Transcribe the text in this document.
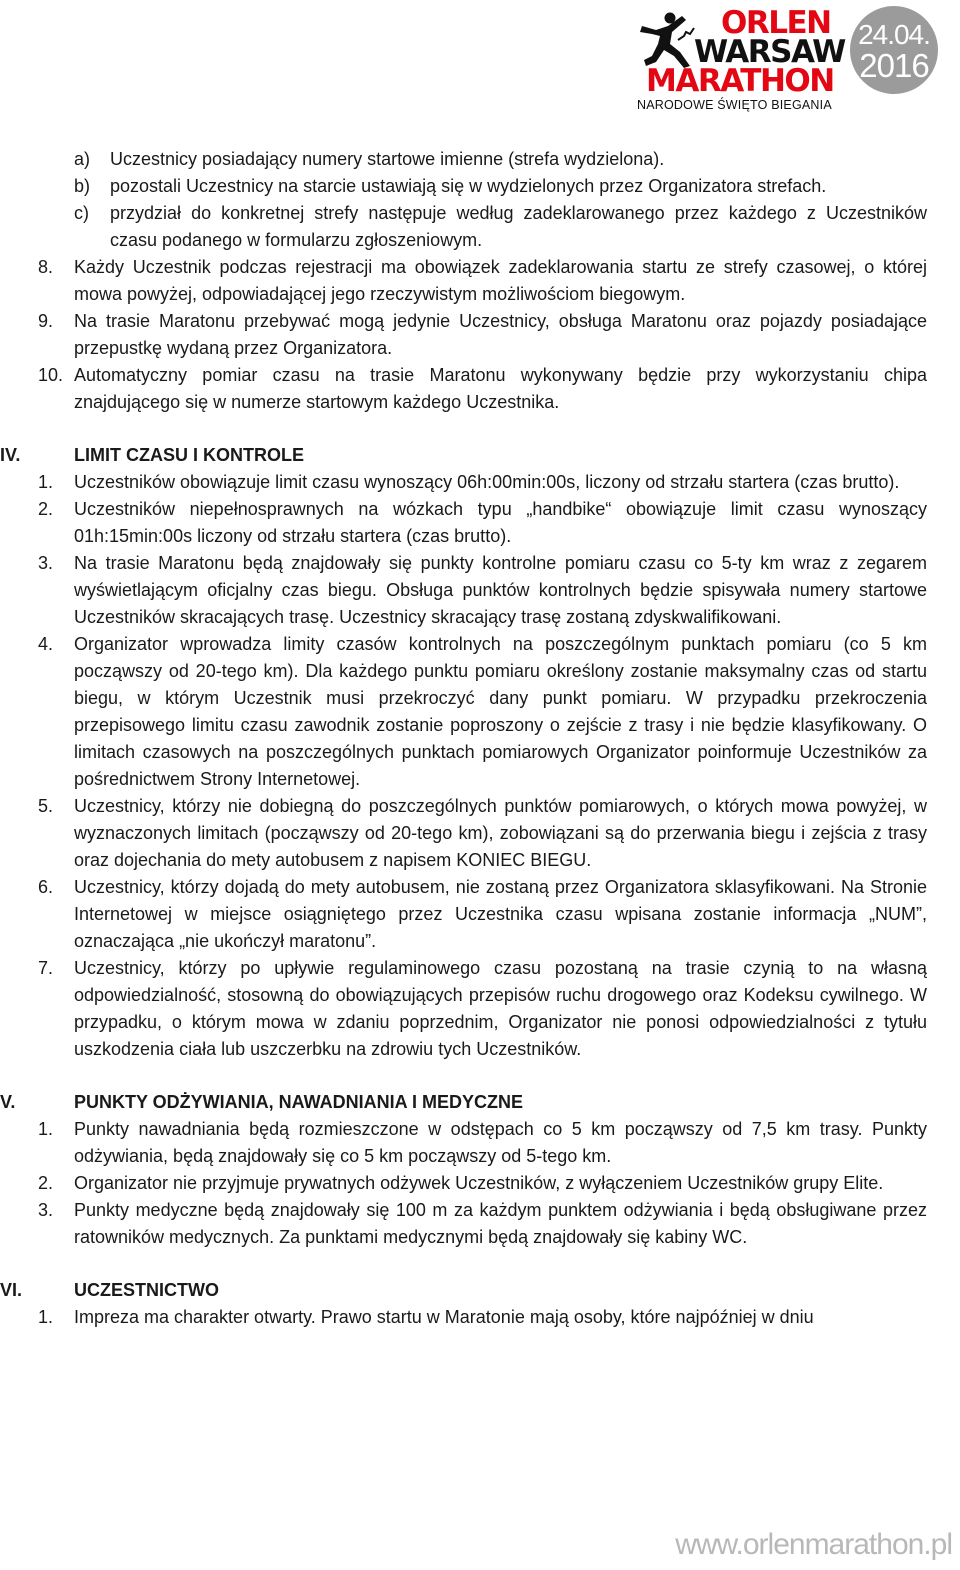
ORLEN
WARSAW
MARATHON
NARODOWE ŚWIĘTO BIEGANIA
24.04.
2016
a) Uczestnicy posiadający numery startowe imienne (strefa wydzielona).
b) pozostali Uczestnicy na starcie ustawiają się w wydzielonych przez Organizatora strefach.
c) przydział do konkretnej strefy następuje według zadeklarowanego przez każdego z Uczestników czasu podanego w formularzu zgłoszeniowym.
8. Każdy Uczestnik podczas rejestracji ma obowiązek zadeklarowania startu ze strefy czasowej, o której mowa powyżej, odpowiadającej jego rzeczywistym możliwościom biegowym.
9. Na trasie Maratonu przebywać mogą jedynie Uczestnicy, obsługa Maratonu oraz pojazdy posiadające przepustkę wydaną przez Organizatora.
10. Automatyczny pomiar czasu na trasie Maratonu wykonywany będzie przy wykorzystaniu chipa znajdującego się w numerze startowym każdego Uczestnika.
IV.	LIMIT CZASU I KONTROLE
1. Uczestników obowiązuje limit czasu wynoszący 06h:00min:00s, liczony od strzału startera (czas brutto).
2. Uczestników niepełnosprawnych na wózkach typu „handbike“ obowiązuje limit czasu wynoszący 01h:15min:00s liczony od strzału startera (czas brutto).
3. Na trasie Maratonu będą znajdowały się punkty kontrolne pomiaru czasu co 5-ty km wraz z zegarem wyświetlającym oficjalny czas biegu. Obsługa punktów kontrolnych będzie spisywała numery startowe Uczestników skracających trasę. Uczestnicy skracający trasę zostaną zdyskwalifikowani.
4. Organizator wprowadza limity czasów kontrolnych na poszczególnym punktach pomiaru (co 5 km począwszy od 20-tego km). Dla każdego punktu pomiaru określony zostanie maksymalny czas od startu biegu, w którym Uczestnik musi przekroczyć dany punkt pomiaru. W przypadku przekroczenia przepisowego limitu czasu zawodnik zostanie poproszony o zejście z trasy i nie będzie klasyfikowany. O limitach czasowych na poszczególnych punktach pomiarowych Organizator poinformuje Uczestników za pośrednictwem Strony Internetowej.
5. Uczestnicy, którzy nie dobiegną do poszczególnych punktów pomiarowych, o których mowa powyżej, w wyznaczonych limitach (począwszy od 20-tego km), zobowiązani są do przerwania biegu i zejścia z trasy oraz dojechania do mety autobusem z napisem KONIEC BIEGU.
6. Uczestnicy, którzy dojadą do mety autobusem, nie zostaną przez Organizatora sklasyfikowani. Na Stronie Internetowej w miejsce osiągniętego przez Uczestnika czasu wpisana zostanie informacja „NUM”, oznaczająca „nie ukończył maratonu”.
7. Uczestnicy, którzy po upływie regulaminowego czasu pozostaną na trasie czynią to na własną odpowiedzialność, stosowną do obowiązujących przepisów ruchu drogowego oraz Kodeksu cywilnego. W przypadku, o którym mowa w zdaniu poprzednim, Organizator nie ponosi odpowiedzialności z tytułu uszkodzenia ciała lub uszczerbku na zdrowiu tych Uczestników.
V.	PUNKTY ODŻYWIANIA, NAWADNIANIA I MEDYCZNE
1. Punkty nawadniania będą rozmieszczone w odstępach co 5 km począwszy od 7,5 km trasy. Punkty odżywiania, będą znajdowały się co 5 km począwszy od 5-tego km.
2. Organizator nie przyjmuje prywatnych odżywek Uczestników, z wyłączeniem Uczestników grupy Elite.
3. Punkty medyczne będą znajdowały się 100 m za każdym punktem odżywiania i będą obsługiwane przez ratowników medycznych. Za punktami medycznymi będą znajdowały się kabiny WC.
VI.	UCZESTNICTWO
1. Impreza ma charakter otwarty. Prawo startu w Maratonie mają osoby, które najpóźniej w dniu
www.orlenmarathon.pl
